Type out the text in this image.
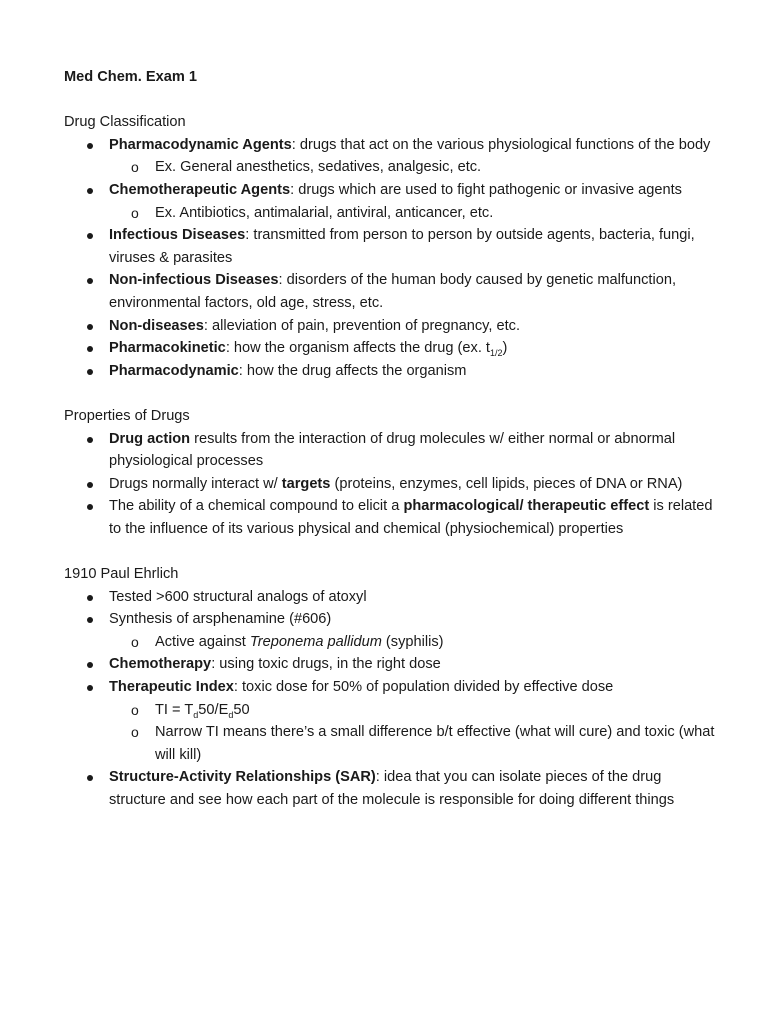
Med Chem. Exam 1
Drug Classification
Pharmacodynamic Agents: drugs that act on the various physiological functions of the body
o Ex. General anesthetics, sedatives, analgesic, etc.
Chemotherapeutic Agents: drugs which are used to fight pathogenic or invasive agents
o Ex. Antibiotics, antimalarial, antiviral, anticancer, etc.
Infectious Diseases: transmitted from person to person by outside agents, bacteria, fungi, viruses & parasites
Non-infectious Diseases: disorders of the human body caused by genetic malfunction, environmental factors, old age, stress, etc.
Non-diseases: alleviation of pain, prevention of pregnancy, etc.
Pharmacokinetic: how the organism affects the drug (ex. $t_{1/2}$)
Pharmacodynamic: how the drug affects the organism
Properties of Drugs
Drug action results from the interaction of drug molecules w/ either normal or abnormal physiological processes
Drugs normally interact w/ targets (proteins, enzymes, cell lipids, pieces of DNA or RNA)
The ability of a chemical compound to elicit a pharmacological/ therapeutic effect is related to the influence of its various physical and chemical (physiochemical) properties
1910 Paul Ehrlich
Tested >600 structural analogs of atoxyl
Synthesis of arsphenamine (#606)
o Active against Treponema pallidum (syphilis)
Chemotherapy: using toxic drugs, in the right dose
Therapeutic Index: toxic dose for 50% of population divided by effective dose
o TI = $T_d50/E_d50$
o Narrow TI means there’s a small difference b/t effective (what will cure) and toxic (what will kill)
Structure-Activity Relationships (SAR): idea that you can isolate pieces of the drug structure and see how each part of the molecule is responsible for doing different things
